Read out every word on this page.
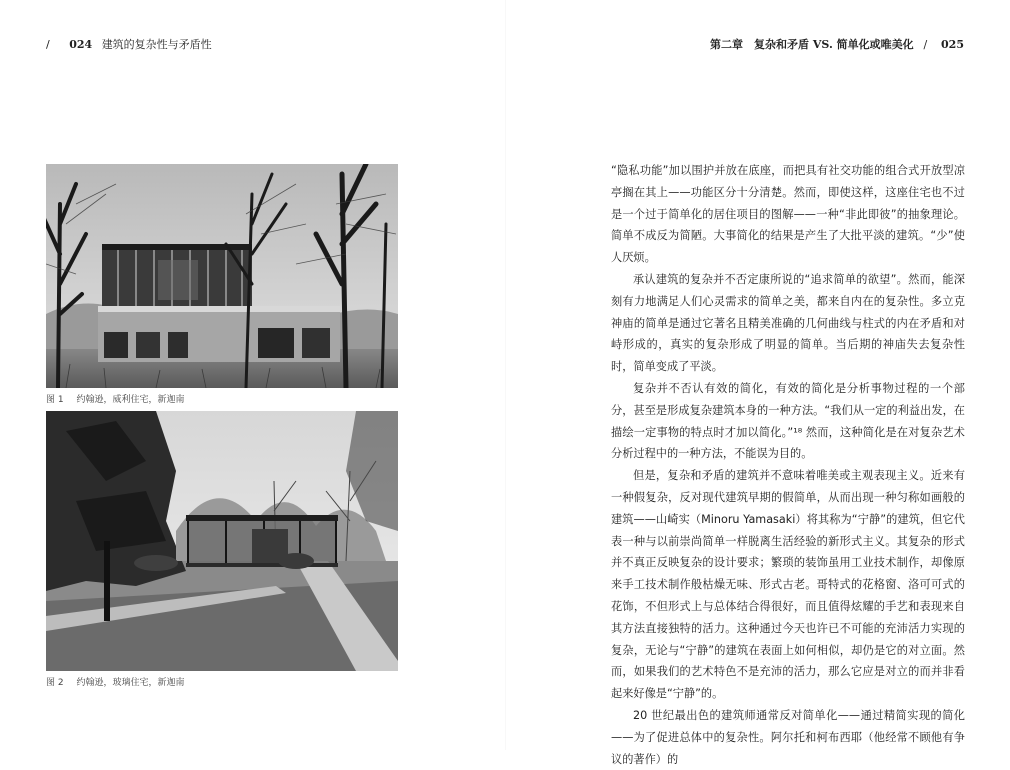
/ 024 建筑的复杂性与矛盾性
图 1 约翰逊，威利住宅，新迦南
图 2 约翰逊，玻璃住宅，新迦南
第二章　复杂和矛盾 VS. 简单化或唯美化 / 025

“隐私功能”加以围护并放在底座，而把具有社交功能的组合式开放型凉亭搁在其上——功能区分十分清楚。然而，即使这样，这座住宅也不过是一个过于简单化的居住项目的图解——一种“非此即彼”的抽象理论。简单不成反为简陋。大事简化的结果是产生了大批平淡的建筑。“少”使人厌烦。

承认建筑的复杂并不否定康所说的“追求简单的欲望”。然而，能深刻有力地满足人们心灵需求的简单之美，都来自内在的复杂性。多立克神庙的简单是通过它著名且精美准确的几何曲线与柱式的内在矛盾和对峙形成的，真实的复杂形成了明显的简单。当后期的神庙失去复杂性时，简单变成了平淡。

复杂并不否认有效的简化，有效的简化是分析事物过程的一个部分，甚至是形成复杂建筑本身的一种方法。“我们从一定的利益出发，在描绘一定事物的特点时才加以简化。”¹⁸ 然而，这种简化是在对复杂艺术分析过程中的一种方法，不能误为目的。

但是，复杂和矛盾的建筑并不意味着唯美或主观表现主义。近来有一种假复杂，反对现代建筑早期的假简单，从而出现一种匀称如画般的建筑——山崎实（Minoru Yamasaki）将其称为“宁静”的建筑，但它代表一种与以前崇尚简单一样脱离生活经验的新形式主义。其复杂的形式并不真正反映复杂的设计要求；繁琐的装饰虽用工业技术制作，却像原来手工技术制作般枯燥无味、形式古老。哥特式的花格窗、洛可可式的花饰，不但形式上与总体结合得很好，而且值得炫耀的手艺和表现来自其方法直接独特的活力。这种通过今天也许已不可能的充沛活力实现的复杂，无论与“宁静”的建筑在表面上如何相似，却仍是它的对立面。然而，如果我们的艺术特色不是充沛的活力，那么它应是对立的而并非看起来好像是“宁静”的。

20 世纪最出色的建筑师通常反对简单化——通过精简实现的简化——为了促进总体中的复杂性。阿尔托和柯布西耶（他经常不顾他有争议的著作）的
